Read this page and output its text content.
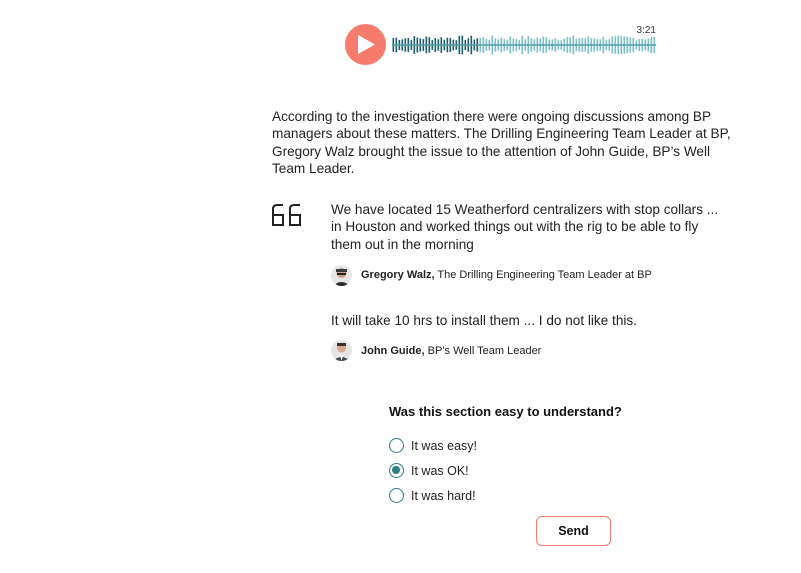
3:21

According to the investigation there were ongoing discussions among BP managers about these matters. The Drilling Engineering Team Leader at BP, Gregory Walz brought the issue to the attention of John Guide, BP’s Well Team Leader.

We have located 15 Weatherford centralizers with stop collars ... in Houston and worked things out with the rig to be able to fly them out in the morning

Gregory Walz, The Drilling Engineering Team Leader at BP

It will take 10 hrs to install them ... I do not like this.

John Guide, BP’s Well Team Leader
Was this section easy to understand?
It was easy!
It was OK!
It was hard!
Send
